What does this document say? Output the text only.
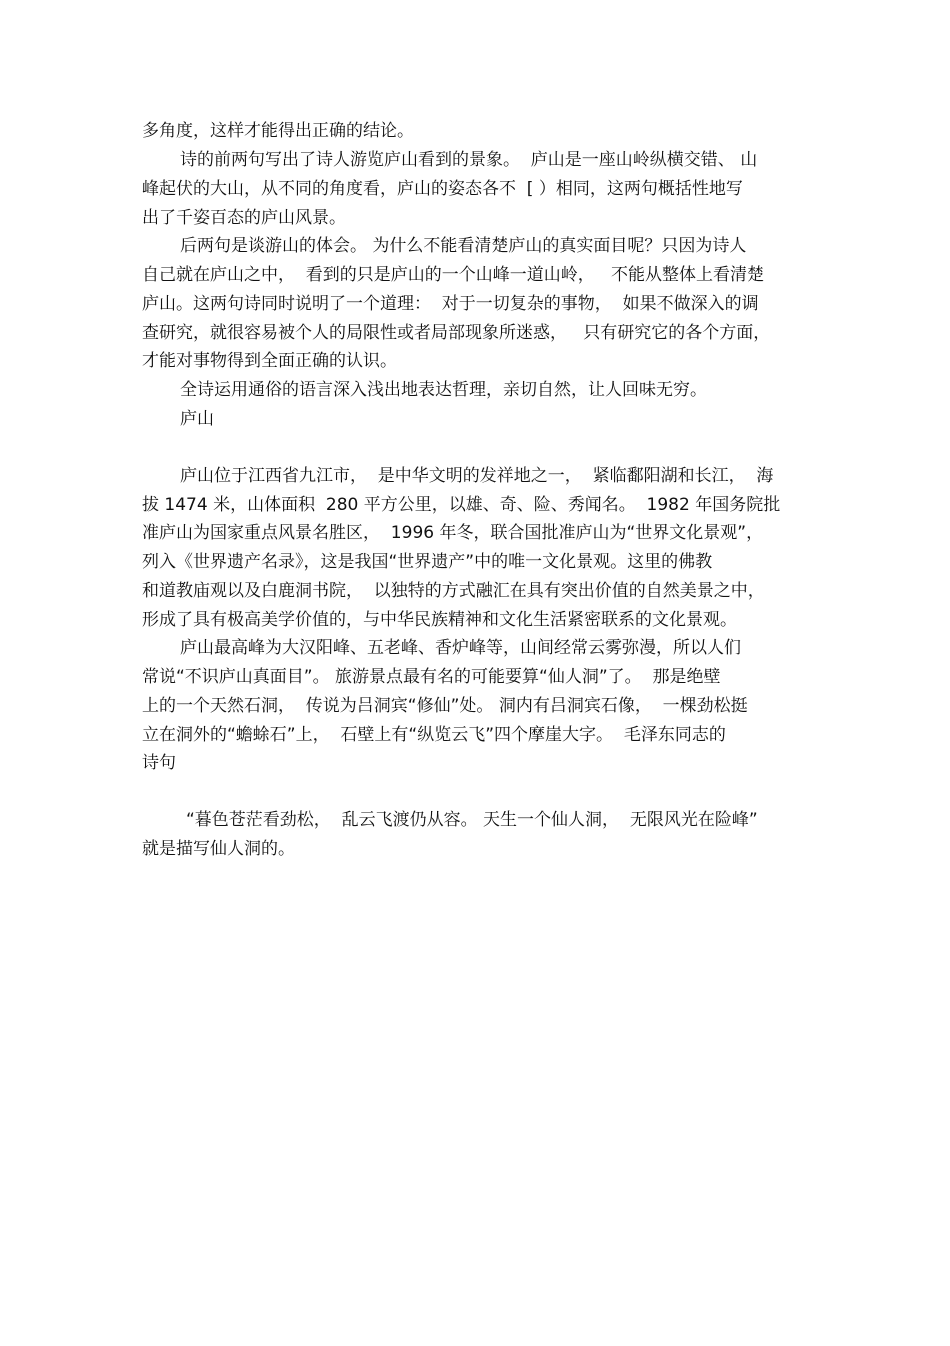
多角度，这样才能得出正确的结论。

诗的前两句写出了诗人游览庐山看到的景象。  庐山是一座山岭纵横交错、 山

峰起伏的大山，从不同的角度看，庐山的姿态各不  [ ）相同，这两句概括性地写

出了千姿百态的庐山风景。

后两句是谈游山的体会。 为什么不能看清楚庐山的真实面目呢？只因为诗人

自己就在庐山之中，  看到的只是庐山的一个山峰一道山岭，   不能从整体上看清楚

庐山。这两句诗同时说明了一个道理：  对于一切复杂的事物，  如果不做深入的调

查研究，就很容易被个人的局限性或者局部现象所迷惑，   只有研究它的各个方面，

才能对事物得到全面正确的认识。

全诗运用通俗的语言深入浅出地表达哲理，亲切自然，让人回味无穷。

庐山

庐山位于江西省九江市，  是中华文明的发祥地之一，  紧临鄱阳湖和长江，  海

拔 1474 米，山体面积  280 平方公里，以雄、奇、险、秀闻名。  1982 年国务院批

准庐山为国家重点风景名胜区，  1996 年冬，联合国批准庐山为“世界文化景观”，

列入《世界遗产名录》，这是我国“世界遗产”中的唯一文化景观。这里的佛教

和道教庙观以及白鹿洞书院，  以独特的方式融汇在具有突出价值的自然美景之中，

形成了具有极高美学价值的，与中华民族精神和文化生活紧密联系的文化景观。

庐山最高峰为大汉阳峰、五老峰、香炉峰等，山间经常云雾弥漫，所以人们

常说“不识庐山真面目”。 旅游景点最有名的可能要算“仙人洞”了。  那是绝壁

上的一个天然石洞，  传说为吕洞宾“修仙”处。 洞内有吕洞宾石像，  一棵劲松挺

立在洞外的“蟾蜍石”上，  石壁上有“纵览云飞”四个摩崖大字。  毛泽东同志的

诗句

“暮色苍茫看劲松，  乱云飞渡仍从容。 天生一个仙人洞，  无限风光在险峰”

就是描写仙人洞的。
